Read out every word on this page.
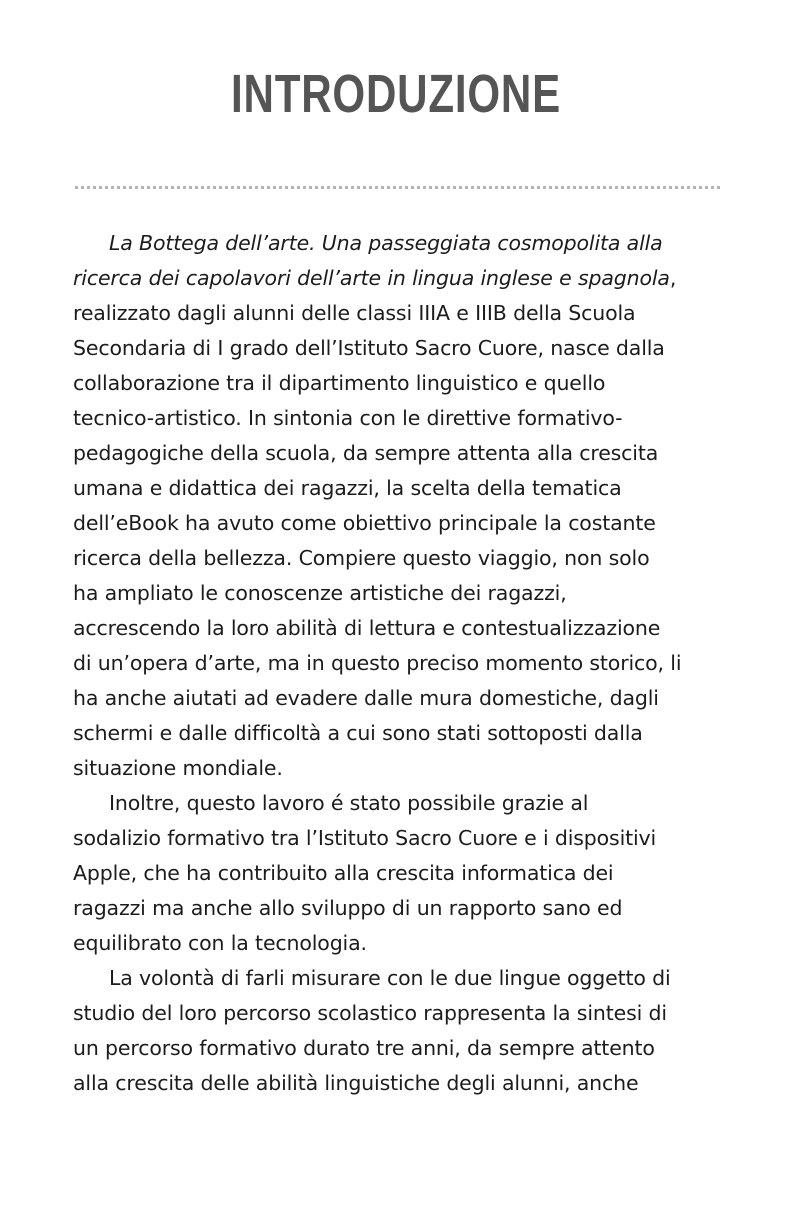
INTRODUZIONE
La Bottega dell’arte. Una passeggiata cosmopolita alla
ricerca dei capolavori dell’arte in lingua inglese e spagnola,
realizzato dagli alunni delle classi IIIA e IIIB della Scuola
Secondaria di I grado dell’Istituto Sacro Cuore, nasce dalla
collaborazione tra il dipartimento linguistico e quello
tecnico-artistico. In sintonia con le direttive formativo-
pedagogiche della scuola, da sempre attenta alla crescita
umana e didattica dei ragazzi, la scelta della tematica
dell’eBook ha avuto come obiettivo principale la costante
ricerca della bellezza. Compiere questo viaggio, non solo
ha ampliato le conoscenze artistiche dei ragazzi,
accrescendo la loro abilità di lettura e contestualizzazione
di un’opera d’arte, ma in questo preciso momento storico, li
ha anche aiutati ad evadere dalle mura domestiche, dagli
schermi e dalle difficoltà a cui sono stati sottoposti dalla
situazione mondiale.
Inoltre, questo lavoro é stato possibile grazie al
sodalizio formativo tra l’Istituto Sacro Cuore e i dispositivi
Apple, che ha contribuito alla crescita informatica dei
ragazzi ma anche allo sviluppo di un rapporto sano ed
equilibrato con la tecnologia.
La volontà di farli misurare con le due lingue oggetto di
studio del loro percorso scolastico rappresenta la sintesi di
un percorso formativo durato tre anni, da sempre attento
alla crescita delle abilità linguistiche degli alunni, anche
